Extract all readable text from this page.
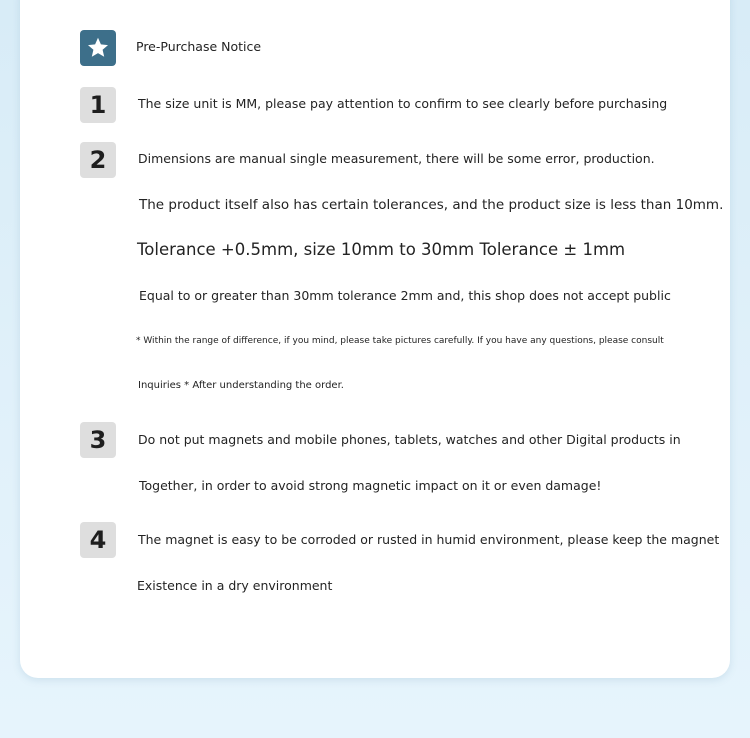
Pre-Purchase Notice
1	The size unit is MM, please pay attention to confirm to see clearly before purchasing
2	Dimensions are manual single measurement, there will be some error, production.
The product itself also has certain tolerances, and the product size is less than 10mm.
Tolerance +0.5mm, size 10mm to 30mm Tolerance ± 1mm
Equal to or greater than 30mm tolerance 2mm and, this shop does not accept public
* Within the range of difference, if you mind, please take pictures carefully. If you have any questions, please consult
Inquiries * After understanding the order.
3	Do not put magnets and mobile phones, tablets, watches and other Digital products in
Together, in order to avoid strong magnetic impact on it or even damage!
4	The magnet is easy to be corroded or rusted in humid environment, please keep the magnet
Existence in a dry environment
